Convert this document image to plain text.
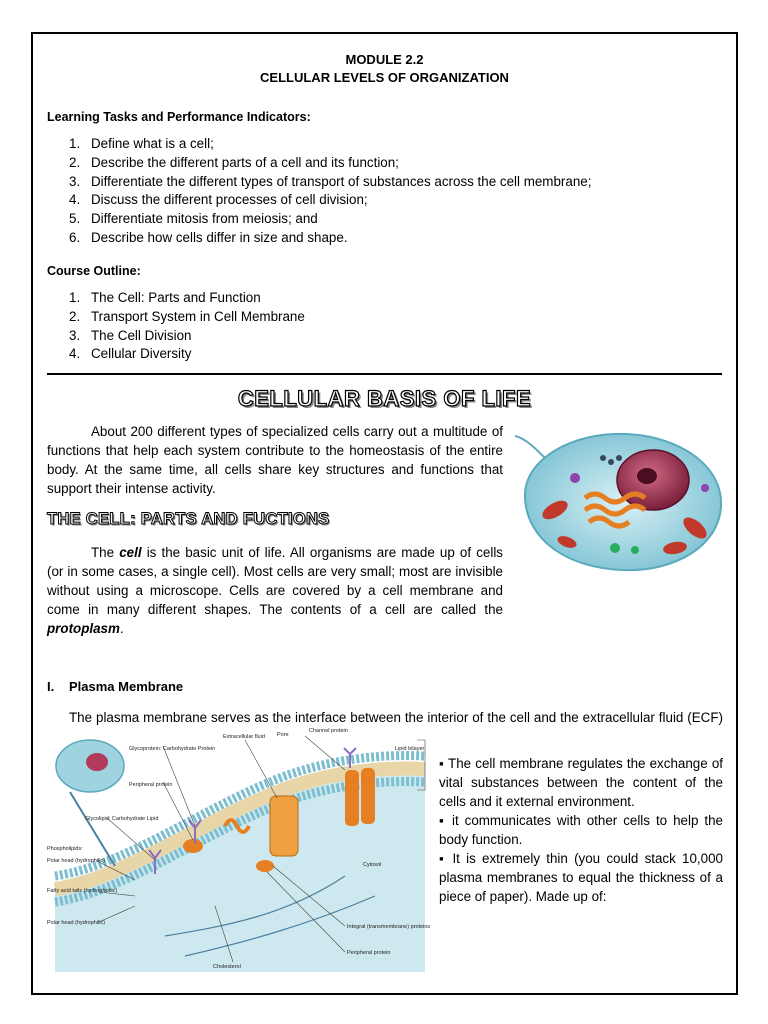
MODULE 2.2
CELLULAR LEVELS OF ORGANIZATION
Learning Tasks and Performance Indicators:
1. Define what is a cell;
2. Describe the different parts of a cell and its function;
3. Differentiate the different types of transport of substances across the cell membrane;
4. Discuss the different processes of cell division;
5. Differentiate mitosis from meiosis; and
6. Describe how cells differ in size and shape.
Course Outline:
1. The Cell: Parts and Function
2. Transport System in Cell Membrane
3. The Cell Division
4. Cellular Diversity
CELLULAR BASIS OF LIFE
About 200 different types of specialized cells carry out a multitude of functions that help each system contribute to the homeostasis of the entire body. At the same time, all cells share key structures and functions that support their intense activity.
THE CELL: PARTS AND FUCTIONS
The cell is the basic unit of life. All organisms are made up of cells (or in some cases, a single cell). Most cells are very small; most are invisible without using a microscope. Cells are covered by a cell membrane and come in many different shapes. The contents of a cell are called the protoplasm.
I. Plasma Membrane
The plasma membrane serves as the interface between the interior of the cell and the extracellular fluid (ECF)
Extracellular fluid Pore
Channel protein
Lipid bilayer
Glycoprotein: Carbohydrate Protein
Peripheral protein
Glycolipid: Carbohydrate Lipid
Cytosol
Phospholipids:
Polar head (hydrophilic)
Fatty acid tails (hydrophobic)
Polar head (hydrophilic)
Integral (transmembrane) proteins
Peripheral protein
Cholesterol
▪ The cell membrane regulates the exchange of vital substances between the content of the cells and it external environment.
▪ it communicates with other cells to help the body function.
▪ It is extremely thin (you could stack 10,000 plasma membranes to equal the thickness of a piece of paper). Made up of:
